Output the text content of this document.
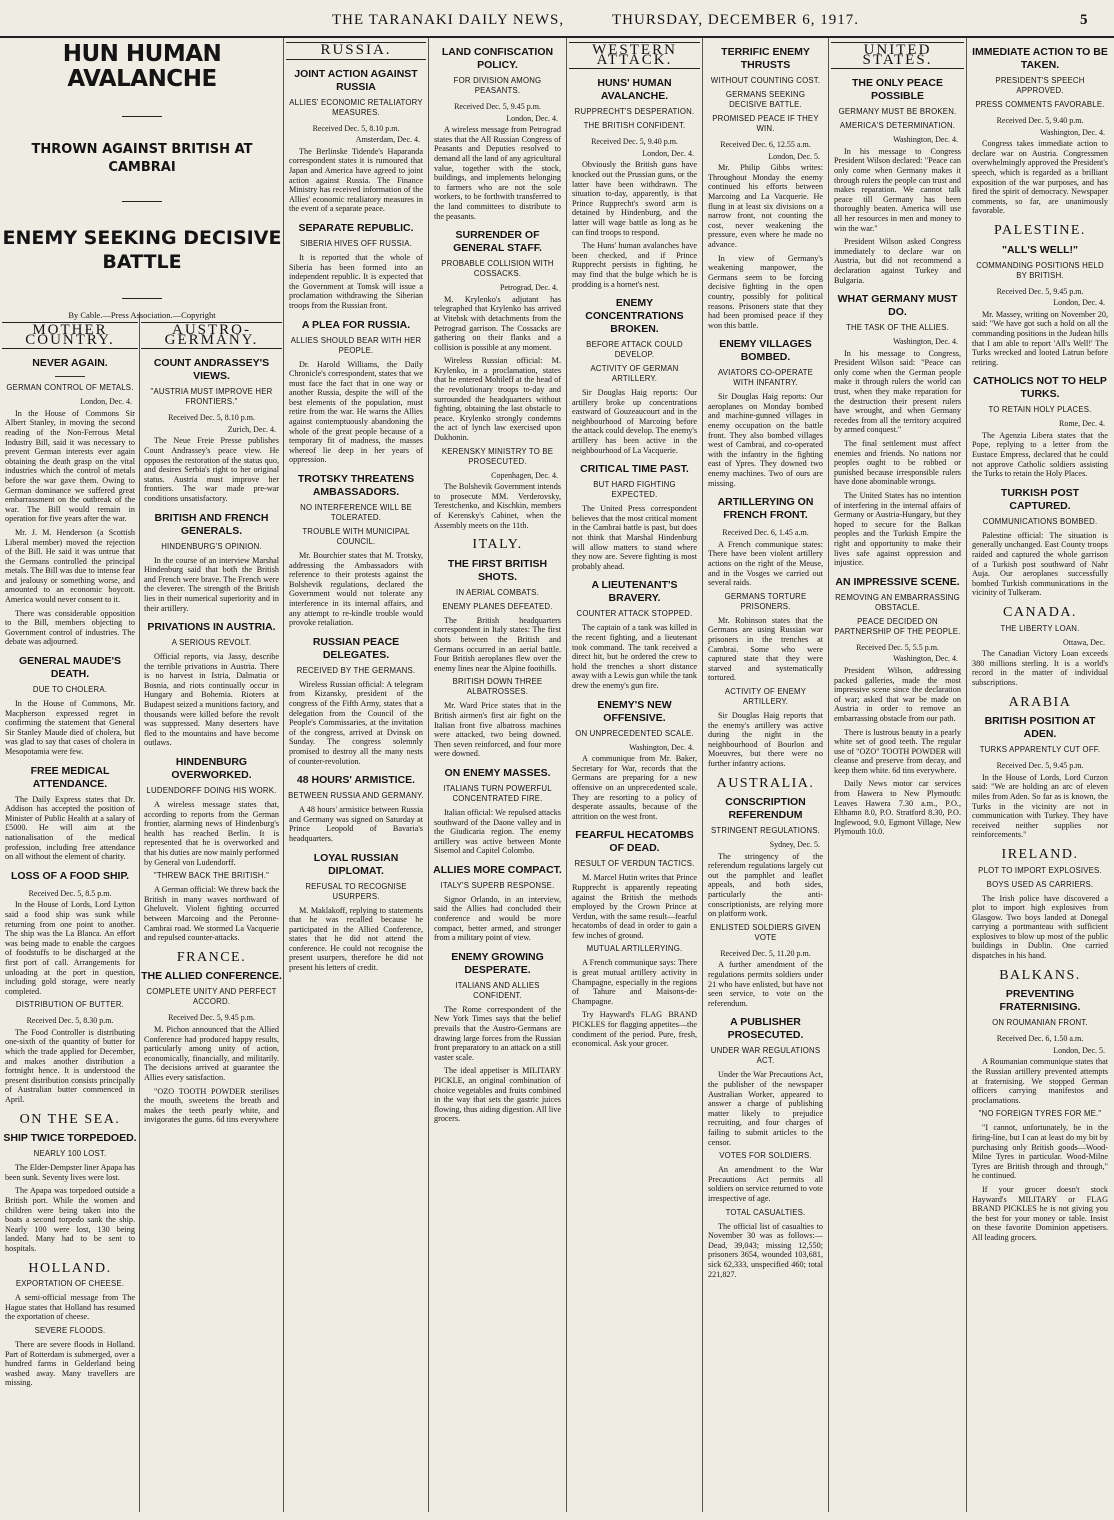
THE TARANAKI DAILY NEWS,	THURSDAY, DECEMBER 6, 1917.	5
HUN HUMAN AVALANCHE
THROWN AGAINST BRITISH AT CAMBRAI
ENEMY SEEKING DECISIVE BATTLE
By Cable.—Press Association.—Copyright
MOTHER COUNTRY.
NEVER AGAIN.
GERMAN CONTROL OF METALS.
London, Dec. 4.
In the House of Commons Sir Albert Stanley, in moving the second reading of the Non-Ferrous Metal Industry Bill, said it was necessary to prevent German interests ever again obtaining the death grasp on the vital industries which the control of metals before the war gave them. Owing to German dominance we suffered great embarrassment on the outbreak of the war. The Bill would remain in operation for five years after the war.
Mr. J. M. Henderson (a Scottish Liberal member) moved the rejection of the Bill. He said it was untrue that the Germans controlled the principal metals. The Bill was due to intense fear and jealousy or something worse, and amounted to an economic boycott. America would never consent to it.
There was considerable opposition to the Bill, members objecting to Government control of industries. The debate was adjourned.
GENERAL MAUDE'S DEATH.
DUE TO CHOLERA.
In the House of Commons, Mr. Macpherson expressed regret in confirming the statement that General Sir Stanley Maude died of cholera, but was glad to say that cases of cholera in Mesopotamia were few.
FREE MEDICAL ATTENDANCE.
The Daily Express states that Dr. Addison has accepted the position of Minister of Public Health at a salary of £5000. He will aim at the nationalisation of the medical profession, including free attendance on all without the element of charity.
LOSS OF A FOOD SHIP.
Received Dec. 5, 8.5 p.m.
In the House of Lords, Lord Lytton said a food ship was sunk while returning from one point to another. The ship was the La Blanca. An effort was being made to enable the cargoes of foodstuffs to be discharged at the first port of call. Arrangements for unloading at the port in question, including gold storage, were nearly completed.
DISTRIBUTION OF BUTTER.
Received Dec. 5, 8.30 p.m.
The Food Controller is distributing one-sixth of the quantity of butter for which the trade applied for December, and makes another distribution a fortnight hence. It is understood the present distribution consists principally of Australian butter commenced in April.
ON THE SEA.
SHIP TWICE TORPEDOED.
NEARLY 100 LOST.
The Elder-Dempster liner Apapa has been sunk. Seventy lives were lost.
The Apapa was torpedoed outside a British port. While the women and children were being taken into the boats a second torpedo sank the ship. Nearly 100 were lost, 130 being landed. Many had to be sent to hospitals.
HOLLAND.
EXPORTATION OF CHEESE.
A semi-official message from The Hague states that Holland has resumed the exportation of cheese.
SEVERE FLOODS.
There are severe floods in Holland. Part of Rotterdam is submerged, over a hundred farms in Gelderland being washed away. Many travellers are missing.
AUSTRO-GERMANY.
COUNT ANDRASSEY'S VIEWS.
"AUSTRIA MUST IMPROVE HER FRONTIERS."
Received Dec. 5, 8.10 p.m.
Zurich, Dec. 4.
The Neue Freie Presse publishes Count Andrassey's peace view. He opposes the restoration of the status quo, and desires Serbia's right to her original status. Austria must improve her frontiers. The war made pre-war conditions unsatisfactory.
BRITISH AND FRENCH GENERALS.
HINDENBURG'S OPINION.
In the course of an interview Marshal Hindenburg said that both the British and French were brave. The French were the cleverer. The strength of the British lies in their numerical superiority and in their artillery.
PRIVATIONS IN AUSTRIA.
A SERIOUS REVOLT.
Official reports, via Jassy, describe the terrible privations in Austria. There is no harvest in Istria, Dalmatia or Bosnia, and riots continually occur in Hungary and Bohemia. Rioters at Budapest seized a munitions factory, and thousands were killed before the revolt was suppressed. Many deserters have fled to the mountains and have become outlaws.
HINDENBURG OVERWORKED.
LUDENDORFF DOING HIS WORK.
A wireless message states that, according to reports from the German frontier, alarming news of Hindenburg's health has reached Berlin. It is represented that he is overworked and that his duties are now mainly performed by General von Ludendorff.
"THREW BACK THE BRITISH."
A German official: We threw back the British in many waves northward of Gheluvelt. Violent fighting occurred between Marcoing and the Peronne-Cambrai road. We stormed La Vacquerie and repulsed counter-attacks.
FRANCE.
THE ALLIED CONFERENCE.
COMPLETE UNITY AND PERFECT ACCORD.
Received Dec. 5, 9.45 p.m.
M. Pichon announced that the Allied Conference had produced happy results, particularly among unity of action, economically, financially, and militarily. The decisions arrived at guarantee the Allies every satisfaction.
"OZO TOOTH POWDER sterilises the mouth, sweetens the breath and makes the teeth pearly white, and invigorates the gums. 6d tins everywhere
RUSSIA.
JOINT ACTION AGAINST RUSSIA
ALLIES' ECONOMIC RETALIATORY MEASURES.
Received Dec. 5, 8.10 p.m.
Amsterdam, Dec. 4.
The Berlinske Tidende's Haparanda correspondent states it is rumoured that Japan and America have agreed to joint action against Russia. The Finance Ministry has received information of the Allies' economic retaliatory measures in the event of a separate peace.
SEPARATE REPUBLIC.
SIBERIA HIVES OFF RUSSIA.
It is reported that the whole of Siberia has been formed into an independent republic. It is expected that the Government at Tomsk will issue a proclamation withdrawing the Siberian troops from the Russian front.
A PLEA FOR RUSSIA.
ALLIES SHOULD BEAR WITH HER PEOPLE.
Dr. Harold Williams, the Daily Chronicle's correspondent, states that we must face the fact that in one way or another Russia, despite the will of the best elements of the population, must retire from the war. He warns the Allies against contemptuously abandoning the whole of the great people because of a temporary fit of madness, the masses whereof lie deep in her years of oppression.
TROTSKY THREATENS AMBASSADORS.
NO INTERFERENCE WILL BE TOLERATED.
TROUBLE WITH MUNICIPAL COUNCIL.
Mr. Bourchier states that M. Trotsky, addressing the Ambassadors with reference to their protests against the Bolshevik regulations, declared the Government would not tolerate any interference in its internal affairs, and any attempt to re-kindle trouble would provoke retaliation.
RUSSIAN PEACE DELEGATES.
RECEIVED BY THE GERMANS.
Wireless Russian official: A telegram from Kizansky, president of the congress of the Fifth Army, states that a delegation from the Council of the People's Commissaries, at the invitation of the congress, arrived at Dvinsk on Sunday. The congress solemnly promised to destroy all the many nests of counter-revolution.
48 HOURS' ARMISTICE.
BETWEEN RUSSIA AND GERMANY.
A 48 hours' armistice between Russia and Germany was signed on Saturday at Prince Leopold of Bavaria's headquarters.
LOYAL RUSSIAN DIPLOMAT.
REFUSAL TO RECOGNISE USURPERS.
M. Maklakoff, replying to statements that he was recalled because he participated in the Allied Conference, states that he did not attend the conference. He could not recognise the present usurpers, therefore he did not present his letters of credit.
LAND CONFISCATION POLICY.
FOR DIVISION AMONG PEASANTS.
Received Dec. 5, 9.45 p.m.
London, Dec. 4.
A wireless message from Petrograd states that the All Russian Congress of Peasants and Deputies resolved to demand all the land of any agricultural value, together with the stock, buildings, and implements belonging to farmers who are not the sole workers, to be forthwith transferred to the land committees to distribute to the peasants.
SURRENDER OF GENERAL STAFF.
PROBABLE COLLISION WITH COSSACKS.
Petrograd, Dec. 4.
M. Krylenko's adjutant has telegraphed that Krylenko has arrived at Vitebsk with detachments from the Petrograd garrison. The Cossacks are gathering on their flanks and a collision is possible at any moment.
Wireless Russian official: M. Krylenko, in a proclamation, states that he entered Mohileff at the head of the revolutionary troops to-day and surrounded the headquarters without fighting, obtaining the last obstacle to peace. Krylenko strongly condemns the act of lynch law exercised upon Dukhonin.
KERENSKY MINISTRY TO BE PROSECUTED.
Copenhagen, Dec. 4.
The Bolshevik Government intends to prosecute MM. Verderovsky, Terestchenko, and Kischkin, members of Kerensky's Cabinet, when the Assembly meets on the 11th.
ITALY.
THE FIRST BRITISH SHOTS.
IN AERIAL COMBATS.
ENEMY PLANES DEFEATED.
The British headquarters correspondent in Italy states: The first shots between the British and Germans occurred in an aerial battle. Four British aeroplanes flew over the enemy lines near the Alpine foothills.
BRITISH DOWN THREE ALBATROSSES.
Mr. Ward Price states that in the British airmen's first air fight on the Italian front five albatross machines were attacked, two being downed. Then seven reinforced, and four more were downed.
ON ENEMY MASSES.
ITALIANS TURN POWERFUL CONCENTRATED FIRE.
Italian official: We repulsed attacks southward of the Daone valley and in the Giudicaria region. The enemy artillery was active between Monte Sisemol and Capitel Colombo.
ALLIES MORE COMPACT.
ITALY'S SUPERB RESPONSE.
Signor Orlando, in an interview, said the Allies had concluded their conference and would be more compact, better armed, and stronger from a military point of view.
ENEMY GROWING DESPERATE.
ITALIANS AND ALLIES CONFIDENT.
The Rome correspondent of the New York Times says that the belief prevails that the Austro-Germans are drawing large forces from the Russian front preparatory to an attack on a still vaster scale.
The ideal appetiser is MILITARY PICKLE, an original combination of choice vegetables and fruits combined in the way that sets the gastric juices flowing, thus aiding digestion. All live grocers.
WESTERN ATTACK.
HUNS' HUMAN AVALANCHE.
RUPPRECHT'S DESPERATION.
THE BRITISH CONFIDENT.
Received Dec. 5, 9.40 p.m.
London, Dec. 4.
Obviously the British guns have knocked out the Prussian guns, or the latter have been withdrawn. The situation to-day, apparently, is that Prince Rupprecht's sword arm is detained by Hindenburg, and the latter will wage battle as long as he can find troops to respond.
The Huns' human avalanches have been checked, and if Prince Rupprecht persists in fighting, he may find that the bulge which he is prodding is a hornet's nest.
ENEMY CONCENTRATIONS BROKEN.
BEFORE ATTACK COULD DEVELOP.
ACTIVITY OF GERMAN ARTILLERY.
Sir Douglas Haig reports: Our artillery broke up concentrations eastward of Gouzeaucourt and in the neighbourhood of Marcoing before the attack could develop. The enemy's artillery has been active in the neighbourhood of La Vacquerie.
CRITICAL TIME PAST.
BUT HARD FIGHTING EXPECTED.
The United Press correspondent believes that the most critical moment in the Cambrai battle is past, but does not think that Marshal Hindenburg will allow matters to stand where they now are. Severe fighting is most probably ahead.
A LIEUTENANT'S BRAVERY.
COUNTER ATTACK STOPPED.
The captain of a tank was killed in the recent fighting, and a lieutenant took command. The tank received a direct hit, but he ordered the crew to hold the trenches a short distance away with a Lewis gun while the tank drew the enemy's gun fire.
ENEMY'S NEW OFFENSIVE.
ON UNPRECEDENTED SCALE.
Washington, Dec. 4.
A communique from Mr. Baker, Secretary for War, records that the Germans are preparing for a new offensive on an unprecedented scale. They are resorting to a policy of desperate assaults, because of the attrition on the west front.
FEARFUL HECATOMBS OF DEAD.
RESULT OF VERDUN TACTICS.
M. Marcel Hutin writes that Prince Rupprecht is apparently repeating against the British the methods employed by the Crown Prince at Verdun, with the same result—fearful hecatombs of dead in order to gain a few inches of ground.
MUTUAL ARTILLERYING.
A French communique says: There is great mutual artillery activity in Champagne, especially in the regions of Tahure and Maisons-de-Champagne.
Try Hayward's FLAG BRAND PICKLES for flagging appetites—the condiment of the period. Pure, fresh, economical. Ask your grocer.
TERRIFIC ENEMY THRUSTS
WITHOUT COUNTING COST.
GERMANS SEEKING DECISIVE BATTLE.
PROMISED PEACE IF THEY WIN.
Received Dec. 6, 12.55 a.m.
London, Dec. 5.
Mr. Philip Gibbs writes: Throughout Monday the enemy continued his efforts between Marcoing and La Vacquerie. He flung in at least six divisions on a narrow front, not counting the cost, never weakening the pressure, even where he made no advance.
In view of Germany's weakening manpower, the Germans seem to be forcing decisive fighting in the open country, possibly for political reasons. Prisoners state that they had been promised peace if they won this battle.
ENEMY VILLAGES BOMBED.
AVIATORS CO-OPERATE WITH INFANTRY.
Sir Douglas Haig reports: Our aeroplanes on Monday bombed and machine-gunned villages in enemy occupation on the battle front. They also bombed villages west of Cambrai, and co-operated with the infantry in the fighting east of Ypres. They downed two enemy machines. Two of ours are missing.
ARTILLERYING ON FRENCH FRONT.
Received Dec. 6, 1.45 a.m.
A French communique states: There have been violent artillery actions on the right of the Meuse, and in the Vosges we carried out several raids.
GERMANS TORTURE PRISONERS.
Mr. Robinson states that the Germans are using Russian war prisoners in the trenches at Cambrai. Some who were captured state that they were starved and systematically tortured.
ACTIVITY OF ENEMY ARTILLERY.
Sir Douglas Haig reports that the enemy's artillery was active during the night in the neighbourhood of Bourlon and Moeuvres, but there were no further infantry actions.
AUSTRALIA.
CONSCRIPTION REFERENDUM
STRINGENT REGULATIONS.
Sydney, Dec. 5.
The stringency of the referendum regulations largely cut out the pamphlet and leaflet appeals, and both sides, particularly the anti-conscriptionists, are relying more on platform work.
ENLISTED SOLDIERS GIVEN VOTE
Received Dec. 5, 11.20 p.m.
A further amendment of the regulations permits soldiers under 21 who have enlisted, but have not seen service, to vote on the referendum.
A PUBLISHER PROSECUTED.
UNDER WAR REGULATIONS ACT.
Under the War Precautions Act, the publisher of the newspaper Australian Worker, appeared to answer a charge of publishing matter likely to prejudice recruiting, and four charges of failing to submit articles to the censor.
VOTES FOR SOLDIERS.
An amendment to the War Precautions Act permits all soldiers on service returned to vote irrespective of age.
TOTAL CASUALTIES.
The official list of casualties to November 30 was as follows:—Dead, 39,043; missing 12,550; prisoners 3654, wounded 103,681, sick 62,333, unspecified 460; total 221,827.
UNITED STATES.
THE ONLY PEACE POSSIBLE
GERMANY MUST BE BROKEN.
AMERICA'S DETERMINATION.
Washington, Dec. 4.
In his message to Congress President Wilson declared: "Peace can only come when Germany makes it through rulers the people can trust and makes reparation. We cannot talk peace till Germany has been thoroughly beaten. America will use all her resources in men and money to win the war."
President Wilson asked Congress immediately to declare war on Austria, but did not recommend a declaration against Turkey and Bulgaria.
WHAT GERMANY MUST DO.
THE TASK OF THE ALLIES.
Washington, Dec. 4.
In his message to Congress, President Wilson said: "Peace can only come when the German people make it through rulers the world can trust, when they make reparation for the destruction their present rulers have wrought, and when Germany recedes from all the territory acquired by armed conquest."
The final settlement must affect enemies and friends. No nations nor peoples ought to be robbed or punished because irresponsible rulers have done abominable wrongs.
The United States has no intention of interfering in the internal affairs of Germany or Austria-Hungary, but they hoped to secure for the Balkan peoples and the Turkish Empire the right and opportunity to make their lives safe against oppression and injustice.
AN IMPRESSIVE SCENE.
REMOVING AN EMBARRASSING OBSTACLE.
PEACE DECIDED ON PARTNERSHIP OF THE PEOPLE.
Received Dec. 5, 5.5 p.m.
Washington, Dec. 4.
President Wilson, addressing packed galleries, made the most impressive scene since the declaration of war; asked that war be made on Austria in order to remove an embarrassing obstacle from our path.
There is lustrous beauty in a pearly white set of good teeth. The regular use of "OZO" TOOTH POWDER will cleanse and preserve from decay, and keep them white. 6d tins everywhere.
Daily News motor car services from Hawera to New Plymouth: Leaves Hawera 7.30 a.m., P.O., Elthamn 8.0, P.O. Stratford 8.30, P.O. Inglewood, 9.0, Egmont Village, New Plymouth 10.0.
IMMEDIATE ACTION TO BE TAKEN.
PRESIDENT'S SPEECH APPROVED.
PRESS COMMENTS FAVORABLE.
Received Dec. 5, 9.40 p.m.
Washington, Dec. 4.
Congress takes immediate action to declare war on Austria. Congressmen overwhelmingly approved the President's speech, which is regarded as a brilliant exposition of the war purposes, and has fired the spirit of democracy. Newspaper comments, so far, are unanimously favorable.
PALESTINE.
"ALL'S WELL!"
COMMANDING POSITIONS HELD BY BRITISH.
Received Dec. 5, 9.45 p.m.
London, Dec. 4.
Mr. Massey, writing on November 20, said: "We have got such a hold on all the commanding positions in the Judean hills that I am able to report 'All's Well!' The Turks wrecked and looted Latrun before retiring.
CATHOLICS NOT TO HELP TURKS.
TO RETAIN HOLY PLACES.
Rome, Dec. 4.
The Agenzia Libera states that the Pope, replying to a letter from the Eustace Empress, declared that he could not approve Catholic soldiers assisting the Turks to retain the Holy Places.
TURKISH POST CAPTURED.
COMMUNICATIONS BOMBED.
Palestine official: The situation is generally unchanged. East County troops raided and captured the whole garrison of a Turkish post southward of Nahr Auja. Our aeroplanes successfully bombed Turkish communications in the vicinity of Tulkeram.
CANADA.
THE LIBERTY LOAN.
Ottawa, Dec.
The Canadian Victory Loan exceeds 380 millions sterling. It is a world's record in the matter of individual subscriptions.
ARABIA
BRITISH POSITION AT ADEN.
TURKS APPARENTLY CUT OFF.
Received Dec. 5, 9.45 p.m.
In the House of Lords, Lord Curzon said: "We are holding an arc of eleven miles from Aden. So far as is known, the Turks in the vicinity are not in communication with Turkey. They have received neither supplies nor reinforcements."
IRELAND.
PLOT TO IMPORT EXPLOSIVES.
BOYS USED AS CARRIERS.
The Irish police have discovered a plot to import high explosives from Glasgow. Two boys landed at Donegal carrying a portmanteau with sufficient explosives to blow up most of the public buildings in Dublin. One carried dispatches in his hand.
BALKANS.
PREVENTING FRATERNISING.
ON ROUMANIAN FRONT.
Received Dec. 6, 1.50 a.m.
London, Dec. 5.
A Roumanian communique states that the Russian artillery prevented attempts at fraternising. We stopped German officers carrying manifestos and proclamations.
"NO FOREIGN TYRES FOR ME."
"I cannot, unfortunately, be in the firing-line, but I can at least do my bit by purchasing only British goods—Wood-Milne Tyres in particular. Wood-Milne Tyres are British through and through," he continued.
If your grocer doesn't stock Hayward's MILITARY or FLAG BRAND PICKLES he is not giving you the best for your money or table. Insist on these favorite Dominion appetisers. All leading grocers.
